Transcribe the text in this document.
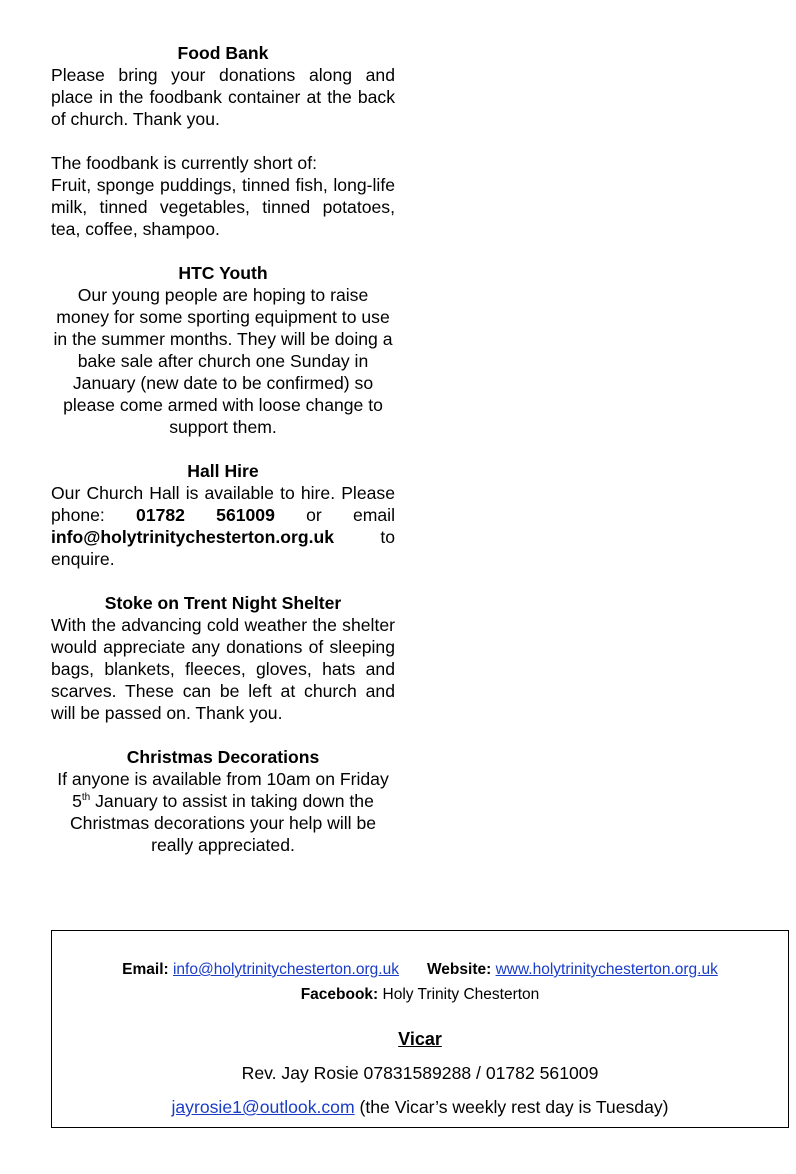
Food Bank

Please bring your donations along and place in the foodbank container at the back of church. Thank you.

The foodbank is currently short of:
Fruit, sponge puddings, tinned fish, long-life milk, tinned vegetables, tinned potatoes, tea, coffee, shampoo.

HTC Youth

Our young people are hoping to raise money for some sporting equipment to use in the summer months. They will be doing a bake sale after church one Sunday in January (new date to be confirmed) so please come armed with loose change to support them.

Hall Hire

Our Church Hall is available to hire. Please phone: 01782 561009 or email info@holytrinitychesterton.org.uk to enquire.

Stoke on Trent Night Shelter

With the advancing cold weather the shelter would appreciate any donations of sleeping bags, blankets, fleeces, gloves, hats and scarves. These can be left at church and will be passed on. Thank you.

Christmas Decorations

If anyone is available from 10am on Friday 5th January to assist in taking down the Christmas decorations your help will be really appreciated.

Email: info@holytrinitychesterton.org.uk Website: www.holytrinitychesterton.org.uk
Facebook: Holy Trinity Chesterton
Vicar
Rev. Jay Rosie 07831589288 / 01782 561009
jayrosie1@outlook.com (the Vicar’s weekly rest day is Tuesday)
